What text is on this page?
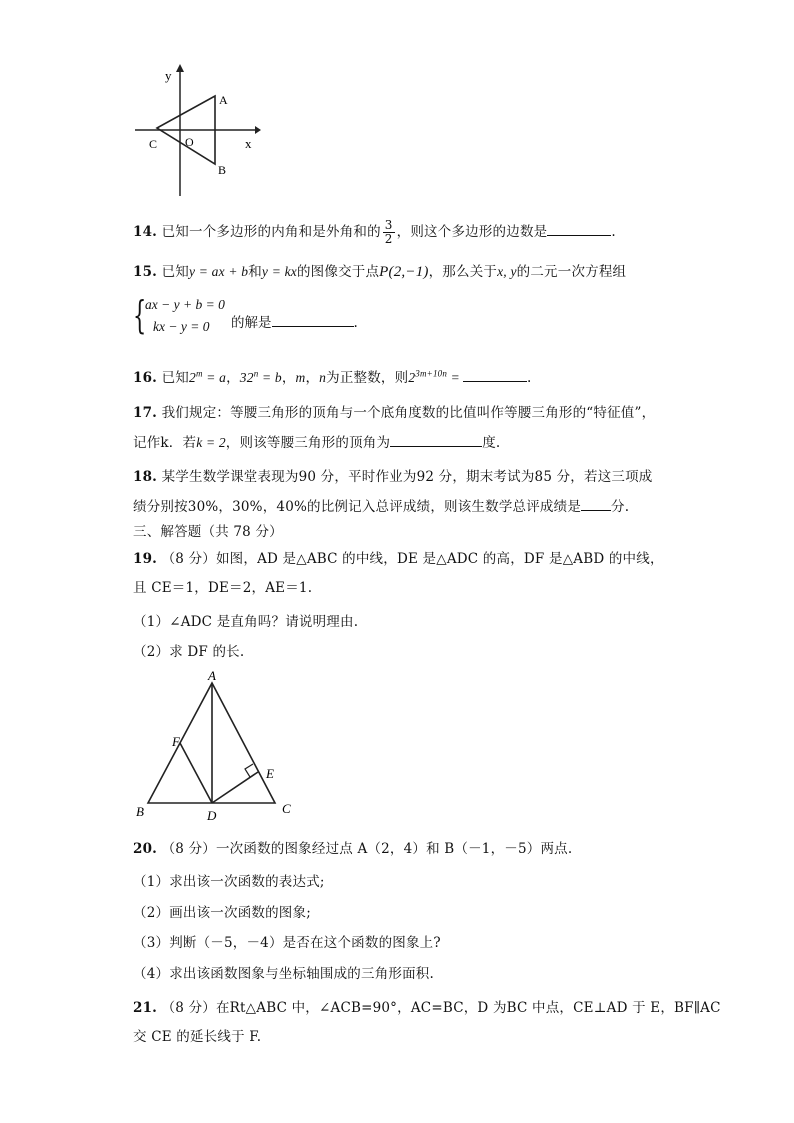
y
x
A
B
C O
14. 已知一个多边形的内角和是外角和的 $\frac{3}{2}$ ，则这个多边形的边数是	.
15. 已知y = ax + b和y = kx的图像交于点P(2,−1)，那么关于x, y的二元一次方程组
{
ax − y + b = 0
kx − y = 0 的解是	.
16. 已知$2^m = a$，$32^n = b$，m，n为正整数，则$2^{3m+10n}$ =	.
17. 我们规定：等腰三角形的顶角与一个底角度数的比值叫作等腰三角形的“特征值”，
记作k．若k = 2，则该等腰三角形的顶角为	度.
18. 某学生数学课堂表现为90 分，平时作业为92 分，期末考试为85 分，若这三项成
绩分别按30%，30%，40%的比例记入总评成绩，则该生数学总评成绩是 分.
三、解答题（共 78 分）
19. （8 分）如图，AD 是△ABC 的中线，DE 是△ADC 的高，DF 是△ABD 的中线，
且 CE＝1，DE＝2，AE＝1.
（1）∠ADC 是直角吗？请说明理由.
（2）求 DF 的长.
A
B	C
D
E
F
20. （8 分）一次函数的图象经过点 A（2，4）和 B（－1，－5）两点.
（1）求出该一次函数的表达式;
（2）画出该一次函数的图象;
（3）判断（－5，－4）是否在这个函数的图象上?
（4）求出该函数图象与坐标轴围成的三角形面积.
21. （8 分）在Rt△ABC 中，∠ACB=90°，AC=BC，D 为BC 中点，CE⊥AD 于 E，BF∥AC
交 CE 的延长线于 F.
